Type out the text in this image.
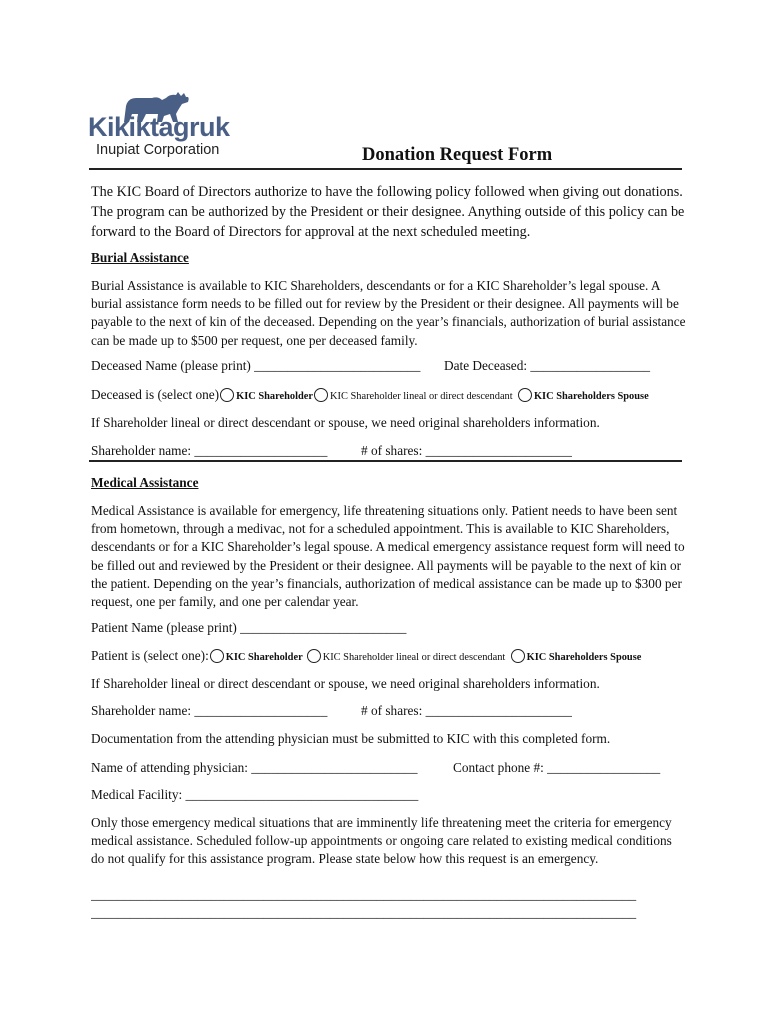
Kikiktagruk
Inupiat Corporation	Donation Request Form
The KIC Board of Directors authorize to have the following policy followed when giving out donations. The program can be authorized by the President or their designee. Anything outside of this policy can be forward to the Board of Directors for approval at the next scheduled meeting.
Burial Assistance
Burial Assistance is available to KIC Shareholders, descendants or for a KIC Shareholder’s legal spouse. A burial assistance form needs to be filled out for review by the President or their designee. All payments will be payable to the next of kin of the deceased. Depending on the year’s financials, authorization of burial assistance can be made up to $500 per request, one per deceased family.
Deceased Name (please print) _________________________ Date Deceased: __________________
Deceased is (select one) KIC Shareholder KIC Shareholder lineal or direct descendant KIC Shareholders Spouse
If Shareholder lineal or direct descendant or spouse, we need original shareholders information.
Shareholder name: ____________________	# of shares: ______________________
Medical Assistance
Medical Assistance is available for emergency, life threatening situations only. Patient needs to have been sent from hometown, through a medivac, not for a scheduled appointment. This is available to KIC Shareholders, descendants or for a KIC Shareholder’s legal spouse. A medical emergency assistance request form will need to be filled out and reviewed by the President or their designee. All payments will be payable to the next of kin or the patient. Depending on the year’s financials, authorization of medical assistance can be made up to $300 per request, one per family, and one per calendar year.
Patient Name (please print) _________________________
Patient is (select one): KIC Shareholder KIC Shareholder lineal or direct descendant KIC Shareholders Spouse
If Shareholder lineal or direct descendant or spouse, we need original shareholders information.
Shareholder name: ____________________	# of shares: ______________________
Documentation from the attending physician must be submitted to KIC with this completed form.
Name of attending physician: _________________________	Contact phone #: _________________
Medical Facility: ___________________________________
Only those emergency medical situations that are imminently life threatening meet the criteria for emergency medical assistance. Scheduled follow-up appointments or ongoing care related to existing medical conditions do not qualify for this assistance program. Please state below how this request is an emergency.
__________________________________________________________________________________
__________________________________________________________________________________
